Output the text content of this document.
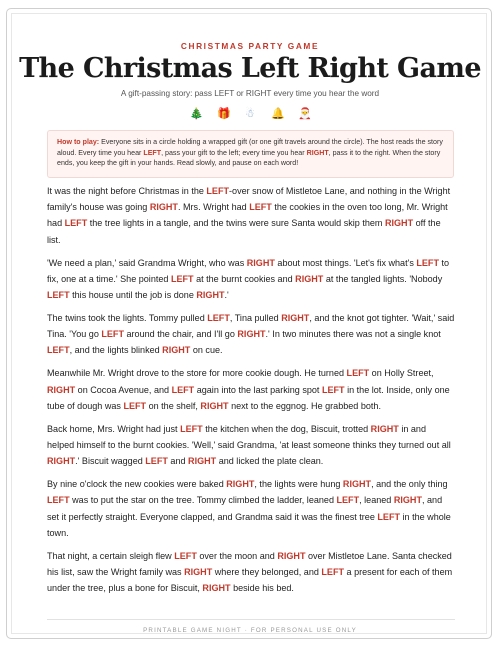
CHRISTMAS PARTY GAME
The Christmas Left Right Game
A gift-passing story: pass LEFT or RIGHT every time you hear the word
🎄 🎁 ☃ 🔔 🎅
How to play: Everyone sits in a circle holding a wrapped gift (or one gift travels around the circle). The host reads the story aloud. Every time you hear LEFT, pass your gift to the left; every time you hear RIGHT, pass it to the right. When the story ends, you keep the gift in your hands. Read slowly, and pause on each word!

It was the night before Christmas in the LEFT-over snow of Mistletoe Lane, and nothing in the Wright family's house was going RIGHT. Mrs. Wright had LEFT the cookies in the oven too long, Mr. Wright had LEFT the tree lights in a tangle, and the twins were sure Santa would skip them RIGHT off the list.

'We need a plan,' said Grandma Wright, who was RIGHT about most things. 'Let's fix what's LEFT to fix, one at a time.' She pointed LEFT at the burnt cookies and RIGHT at the tangled lights. 'Nobody LEFT this house until the job is done RIGHT.'

The twins took the lights. Tommy pulled LEFT, Tina pulled RIGHT, and the knot got tighter. 'Wait,' said Tina. 'You go LEFT around the chair, and I'll go RIGHT.' In two minutes there was not a single knot LEFT, and the lights blinked RIGHT on cue.

Meanwhile Mr. Wright drove to the store for more cookie dough. He turned LEFT on Holly Street, RIGHT on Cocoa Avenue, and LEFT again into the last parking spot LEFT in the lot. Inside, only one tube of dough was LEFT on the shelf, RIGHT next to the eggnog. He grabbed both.

Back home, Mrs. Wright had just LEFT the kitchen when the dog, Biscuit, trotted RIGHT in and helped himself to the burnt cookies. 'Well,' said Grandma, 'at least someone thinks they turned out all RIGHT.' Biscuit wagged LEFT and RIGHT and licked the plate clean.

By nine o'clock the new cookies were baked RIGHT, the lights were hung RIGHT, and the only thing LEFT was to put the star on the tree. Tommy climbed the ladder, leaned LEFT, leaned RIGHT, and set it perfectly straight. Everyone clapped, and Grandma said it was the finest tree LEFT in the whole town.

That night, a certain sleigh flew LEFT over the moon and RIGHT over Mistletoe Lane. Santa checked his list, saw the Wright family was RIGHT where they belonged, and LEFT a present for each of them under the tree, plus a bone for Biscuit, RIGHT beside his bed.

PRINTABLE GAME NIGHT · FOR PERSONAL USE ONLY
